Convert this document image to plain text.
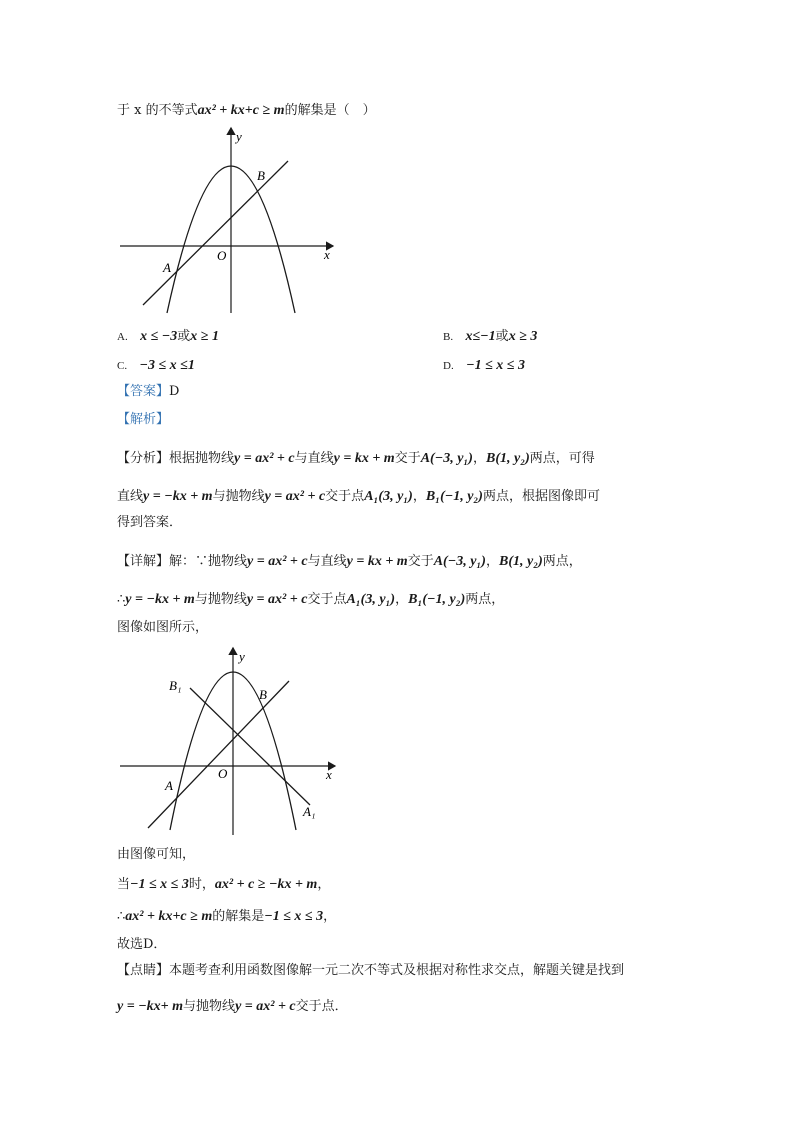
于 x 的不等式ax² + kx+c ≥ m的解集是（　）
y
x
O
A
B
A. x ≤ −3或x ≥ 1	B. x≤−1或x ≥ 3
C. −3 ≤ x ≤1	D. −1 ≤ x ≤ 3
【答案】D
【解析】
【分析】根据抛物线y = ax² + c与直线y = kx + m交于A(−3, y₁)，B(1, y₂)两点，可得
直线y = −kx + m与抛物线y = ax² + c交于点A₁(3, y₁)，B₁(−1, y₂)两点，根据图像即可
得到答案．
【详解】解：∵抛物线y = ax² + c与直线y = kx + m交于A(−3, y₁)，B(1, y₂)两点，
∴y = −kx + m与抛物线y = ax² + c交于点A₁(3, y₁)，B₁(−1, y₂)两点，
图像如图所示，
y
x
O
A
B
B₁
A₁
由图像可知，
当−1 ≤ x ≤ 3时，ax² + c ≥ −kx + m，
∴ax² + kx+c ≥ m的解集是−1 ≤ x ≤ 3，
故选D．
【点睛】本题考查利用函数图像解一元二次不等式及根据对称性求交点，解题关键是找到
y = −kx+ m与抛物线y = ax² + c交于点．
